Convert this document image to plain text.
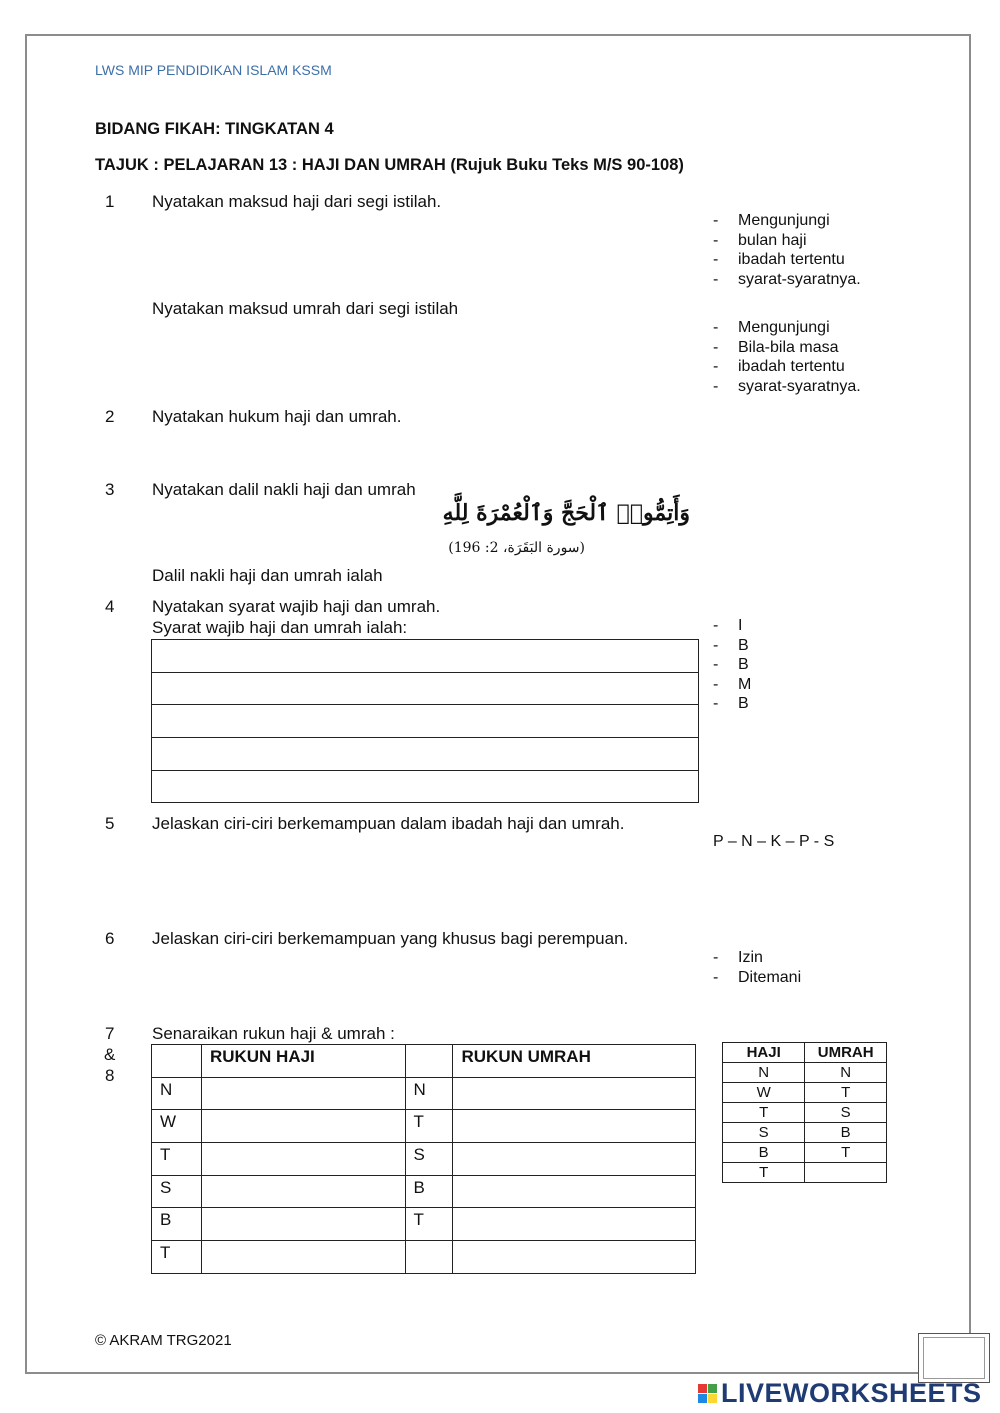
LWS MIP PENDIDIKAN ISLAM KSSM
BIDANG FIKAH: TINGKATAN 4
TAJUK : PELAJARAN 13 : HAJI DAN UMRAH (Rujuk Buku Teks M/S 90-108)
1 Nyatakan maksud haji dari segi istilah.
-	Mengunjungi
-	bulan haji
-	ibadah tertentu
-	syarat-syaratnya.
Nyatakan maksud umrah dari segi istilah
-	Mengunjungi
-	Bila-bila masa
-	ibadah tertentu
-	syarat-syaratnya.
2 Nyatakan hukum haji dan umrah.
3 Nyatakan dalil nakli haji dan umrah
وَأَتِمُّوا۟ ٱلْحَجَّ وَٱلْعُمْرَةَ لِلَّهِ
(سورة البَقَرَة، 2: 196)
Dalil nakli haji dan umrah ialah
4 Nyatakan syarat wajib haji dan umrah.
Syarat wajib haji dan umrah ialah:	-	I
-	B
-	B
-	M
-	B

5 Jelaskan ciri-ciri berkemampuan dalam ibadah haji dan umrah.
P – N – K – P - S
6 Jelaskan ciri-ciri berkemampuan yang khusus bagi perempuan.
-	Izin
-	Ditemani
7
&
8
Senaraikan rukun haji & umrah :
	RUKUN HAJI		RUKUN UMRAH
N		N	
W		T	
T		S	
S		B	
B		T	
T			
HAJI	UMRAH
N	N
W	T
T	S
S	B
B	T
T	
© AKRAM TRG2021
LIVEWORKSHEETS
